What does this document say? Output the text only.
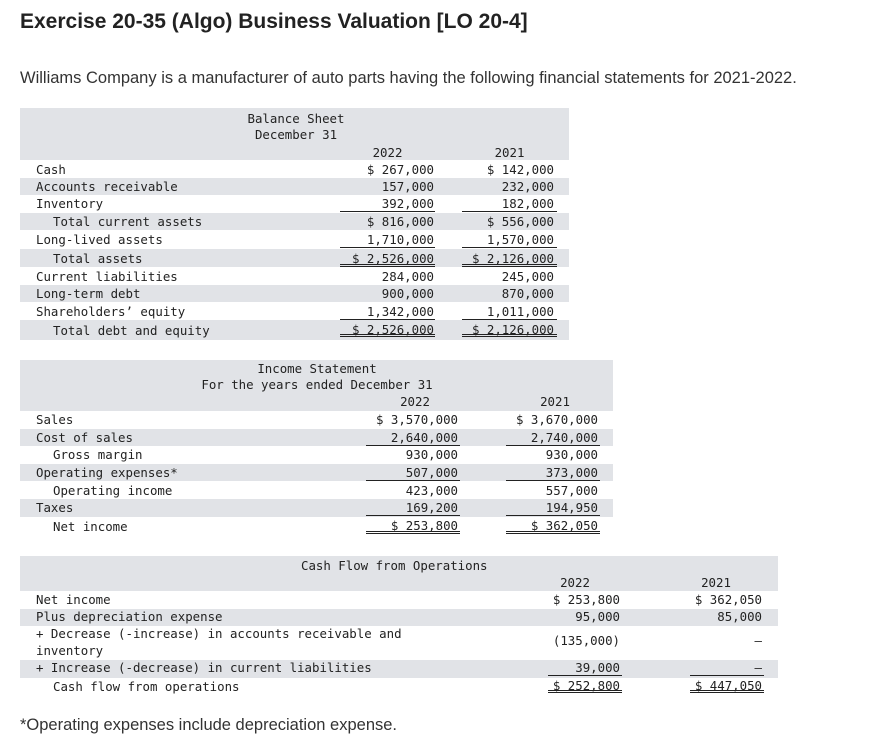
Exercise 20-35 (Algo) Business Valuation [LO 20-4]
Williams Company is a manufacturer of auto parts having the following financial statements for 2021-2022.
Balance Sheet
December 31
2022	2021
Cash	$ 267,000	$ 142,000
Accounts receivable	157,000	232,000
Inventory	392,000	182,000
Total current assets	$ 816,000	$ 556,000
Long-lived assets	1,710,000	1,570,000
Total assets	$ 2,526,000	$ 2,126,000
Current liabilities	284,000	245,000
Long-term debt	900,000	870,000
Shareholders’ equity	1,342,000	1,011,000
Total debt and equity	$ 2,526,000	$ 2,126,000
Income Statement
For the years ended December 31
2022	2021
Sales	$ 3,570,000	$ 3,670,000
Cost of sales	2,640,000	2,740,000
Gross margin	930,000	930,000
Operating expenses*	507,000	373,000
Operating income	423,000	557,000
Taxes	169,200	194,950
Net income	$ 253,800	$ 362,050
Cash Flow from Operations
2022	2021
Net income	$ 253,800	$ 362,050
Plus depreciation expense	95,000	85,000
+ Decrease (-increase) in accounts receivable and
inventory
(135,000)	–
+ Increase (-decrease) in current liabilities	39,000	–
Cash flow from operations	$ 252,800	$ 447,050
*Operating expenses include depreciation expense.
